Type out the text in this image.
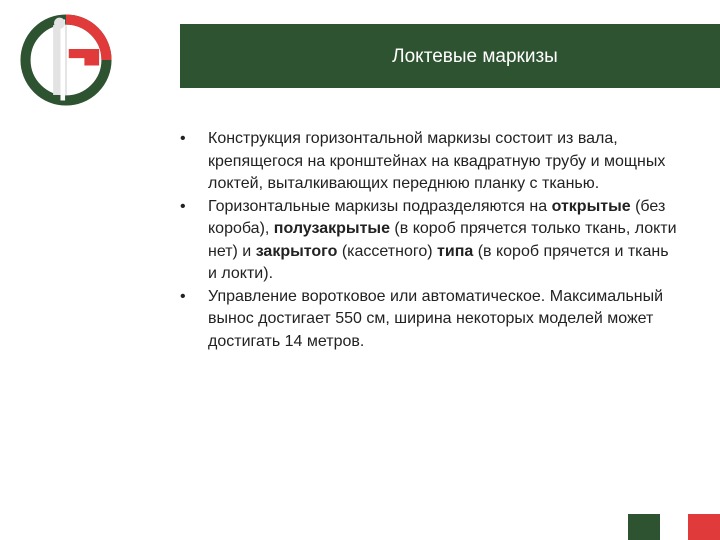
Локтевые маркизы
•	Конструкция горизонтальной маркизы состоит из вала, крепящегося на кронштейнах на квадратную трубу и мощных локтей, выталкивающих переднюю планку с тканью.
•	Горизонтальные маркизы подразделяются на открытые (без короба), полузакрытые (в короб прячется только ткань, локти нет) и закрытого (кассетного) типа (в короб прячется и ткань и локти).
•	Управление воротковое или автоматическое. Максимальный вынос достигает 550 см, ширина некоторых моделей может достигать 14 метров.
